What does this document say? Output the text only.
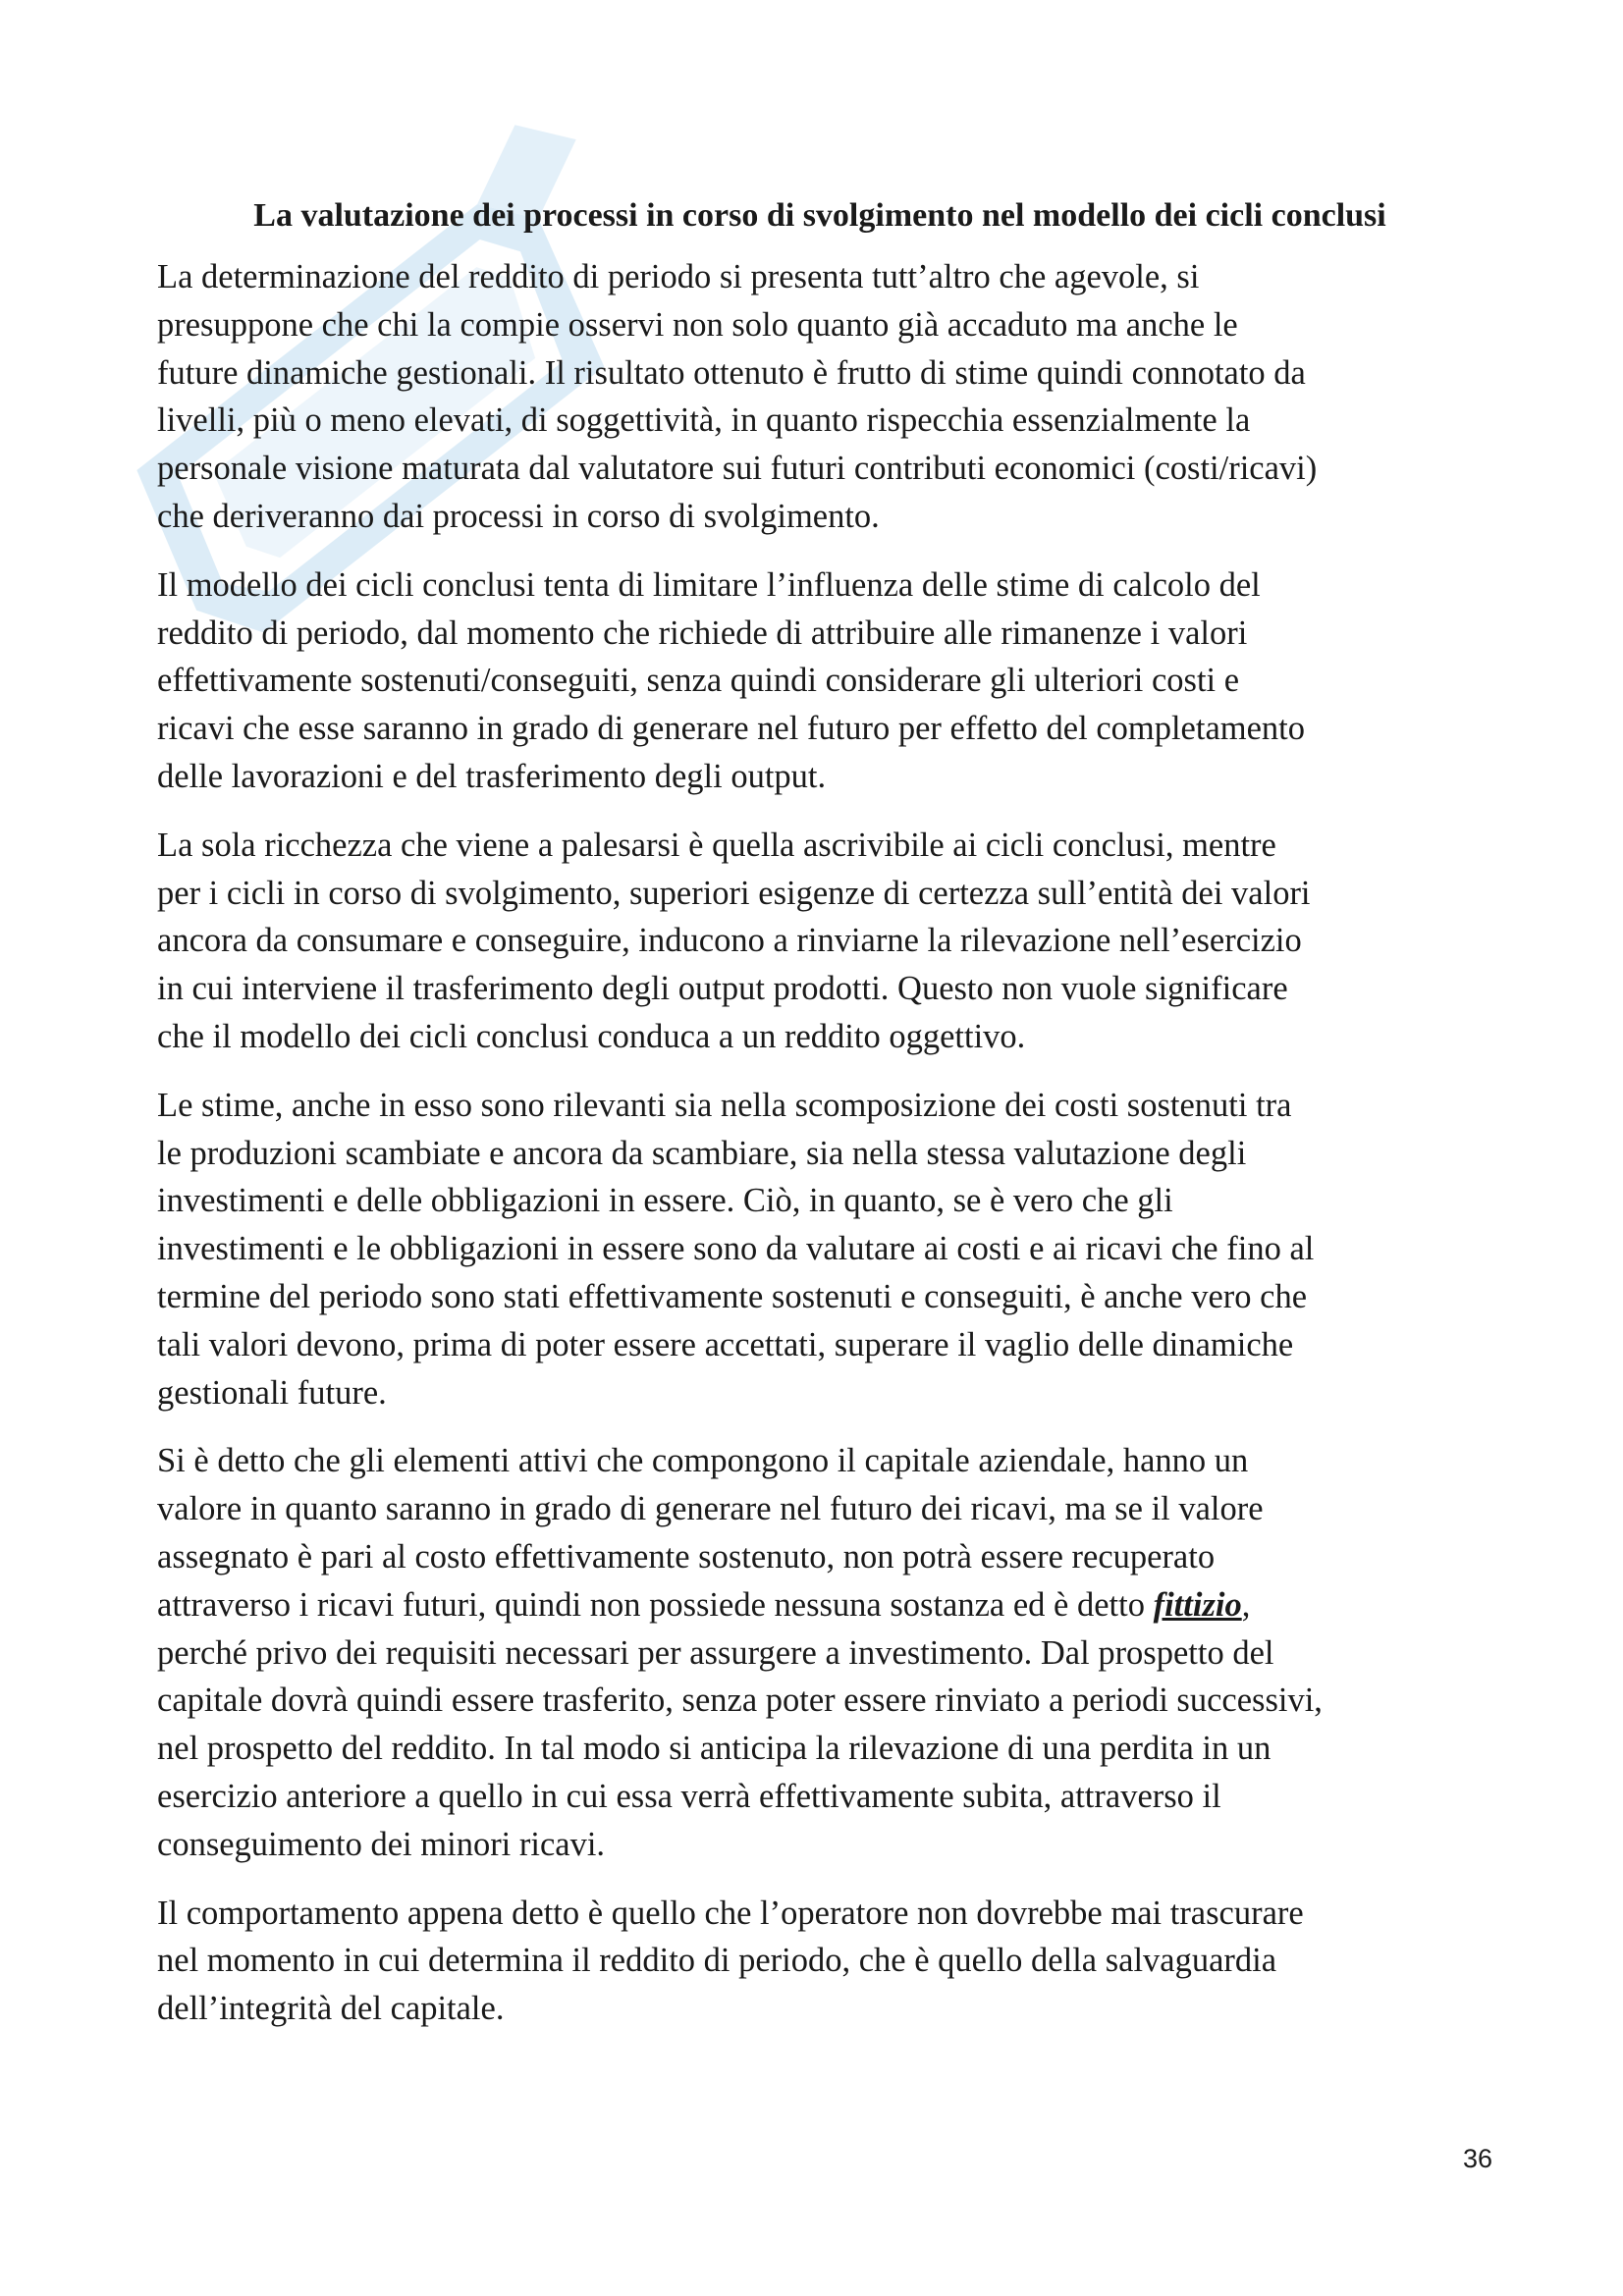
La valutazione dei processi in corso di svolgimento nel modello dei cicli conclusi

La determinazione del reddito di periodo si presenta tutt’altro che agevole, si
presuppone che chi la compie osservi non solo quanto già accaduto ma anche le
future dinamiche gestionali. Il risultato ottenuto è frutto di stime quindi connotato da
livelli, più o meno elevati, di soggettività, in quanto rispecchia essenzialmente la
personale visione maturata dal valutatore sui futuri contributi economici (costi/ricavi)
che deriveranno dai processi in corso di svolgimento.

Il modello dei cicli conclusi tenta di limitare l’influenza delle stime di calcolo del
reddito di periodo, dal momento che richiede di attribuire alle rimanenze i valori
effettivamente sostenuti/conseguiti, senza quindi considerare gli ulteriori costi e
ricavi che esse saranno in grado di generare nel futuro per effetto del completamento
delle lavorazioni e del trasferimento degli output.

La sola ricchezza che viene a palesarsi è quella ascrivibile ai cicli conclusi, mentre
per i cicli in corso di svolgimento, superiori esigenze di certezza sull’entità dei valori
ancora da consumare e conseguire, inducono a rinviarne la rilevazione nell’esercizio
in cui interviene il trasferimento degli output prodotti. Questo non vuole significare
che il modello dei cicli conclusi conduca a un reddito oggettivo.

Le stime, anche in esso sono rilevanti sia nella scomposizione dei costi sostenuti tra
le produzioni scambiate e ancora da scambiare, sia nella stessa valutazione degli
investimenti e delle obbligazioni in essere. Ciò, in quanto, se è vero che gli
investimenti e le obbligazioni in essere sono da valutare ai costi e ai ricavi che fino al
termine del periodo sono stati effettivamente sostenuti e conseguiti, è anche vero che
tali valori devono, prima di poter essere accettati, superare il vaglio delle dinamiche
gestionali future.

Si è detto che gli elementi attivi che compongono il capitale aziendale, hanno un
valore in quanto saranno in grado di generare nel futuro dei ricavi, ma se il valore
assegnato è pari al costo effettivamente sostenuto, non potrà essere recuperato
attraverso i ricavi futuri, quindi non possiede nessuna sostanza ed è detto fittizio,
perché privo dei requisiti necessari per assurgere a investimento. Dal prospetto del
capitale dovrà quindi essere trasferito, senza poter essere rinviato a periodi successivi,
nel prospetto del reddito. In tal modo si anticipa la rilevazione di una perdita in un
esercizio anteriore a quello in cui essa verrà effettivamente subita, attraverso il
conseguimento dei minori ricavi.

Il comportamento appena detto è quello che l’operatore non dovrebbe mai trascurare
nel momento in cui determina il reddito di periodo, che è quello della salvaguardia
dell’integrità del capitale.

36
